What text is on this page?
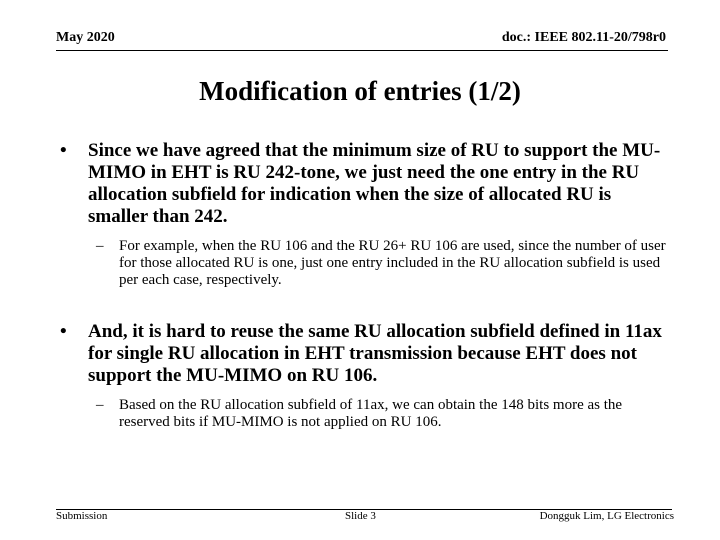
May 2020	doc.: IEEE 802.11-20/798r0
Modification of entries (1/2)
• Since we have agreed that the minimum size of RU to support the MU-MIMO in EHT is RU 242-tone, we just need the one entry in the RU allocation subfield for indication when the size of allocated RU is smaller than 242.
– For example, when the RU 106 and the RU 26+ RU 106 are used, since the number of user for those allocated RU is one, just one entry included in the RU allocation subfield is used per each case, respectively.
• And, it is hard to reuse the same RU allocation subfield defined in 11ax for single RU allocation in EHT transmission because EHT does not support the MU-MIMO on RU 106.
– Based on the RU allocation subfield of 11ax, we can obtain the 148 bits more as the reserved bits if MU-MIMO is not applied on RU 106.
Submission	Slide 3	Dongguk Lim, LG Electronics
